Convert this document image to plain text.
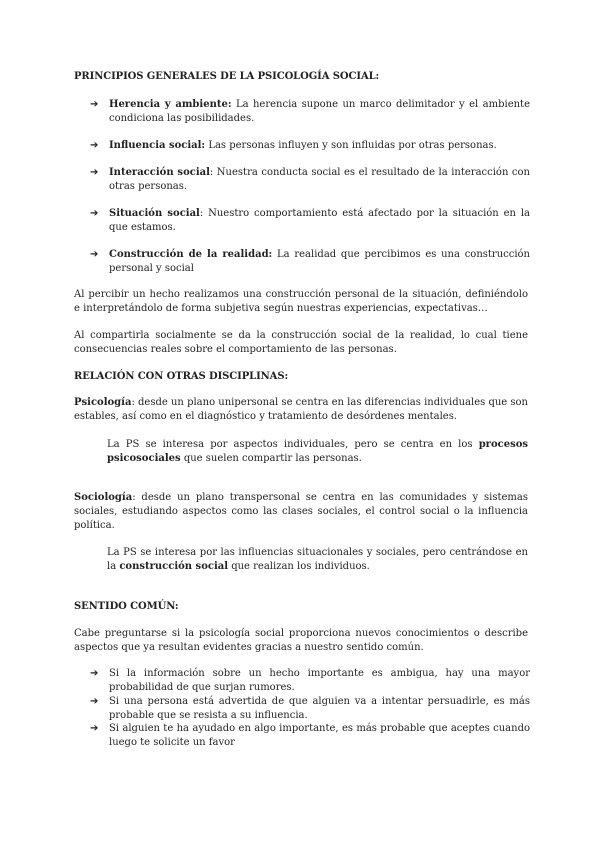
PRINCIPIOS GENERALES DE LA PSICOLOGÍA SOCIAL:
➔	Herencia y ambiente: La herencia supone un marco delimitador y el ambiente condiciona las posibilidades.
➔	Influencia social: Las personas influyen y son influidas por otras personas.
➔	Interacción social: Nuestra conducta social es el resultado de la interacción con otras personas.
➔	Situación social: Nuestro comportamiento está afectado por la situación en la que estamos.
➔	Construcción de la realidad: La realidad que percibimos es una construcción personal y social
Al percibir un hecho realizamos una construcción personal de la situación, definiéndolo e interpretándolo de forma subjetiva según nuestras experiencias, expectativas…
Al compartirla socialmente se da la construcción social de la realidad, lo cual tiene consecuencias reales sobre el comportamiento de las personas.
RELACIÓN CON OTRAS DISCIPLINAS:
Psicología: desde un plano unipersonal se centra en las diferencias individuales que son estables, así como en el diagnóstico y tratamiento de desórdenes mentales.
La PS se interesa por aspectos individuales, pero se centra en los procesos psicosociales que suelen compartir las personas.
Sociología: desde un plano transpersonal se centra en las comunidades y sistemas sociales, estudiando aspectos como las clases sociales, el control social o la influencia política.
La PS se interesa por las influencias situacionales y sociales, pero centrándose en la construcción social que realizan los individuos.
SENTIDO COMÚN:
Cabe preguntarse si la psicología social proporciona nuevos conocimientos o describe aspectos que ya resultan evidentes gracias a nuestro sentido común.
➔	Si la información sobre un hecho importante es ambigua, hay una mayor probabilidad de que surjan rumores.
➔	Si una persona está advertida de que alguien va a intentar persuadirle, es más probable que se resista a su influencia.
➔	Si alguien te ha ayudado en algo importante, es más probable que aceptes cuando luego te solicite un favor
